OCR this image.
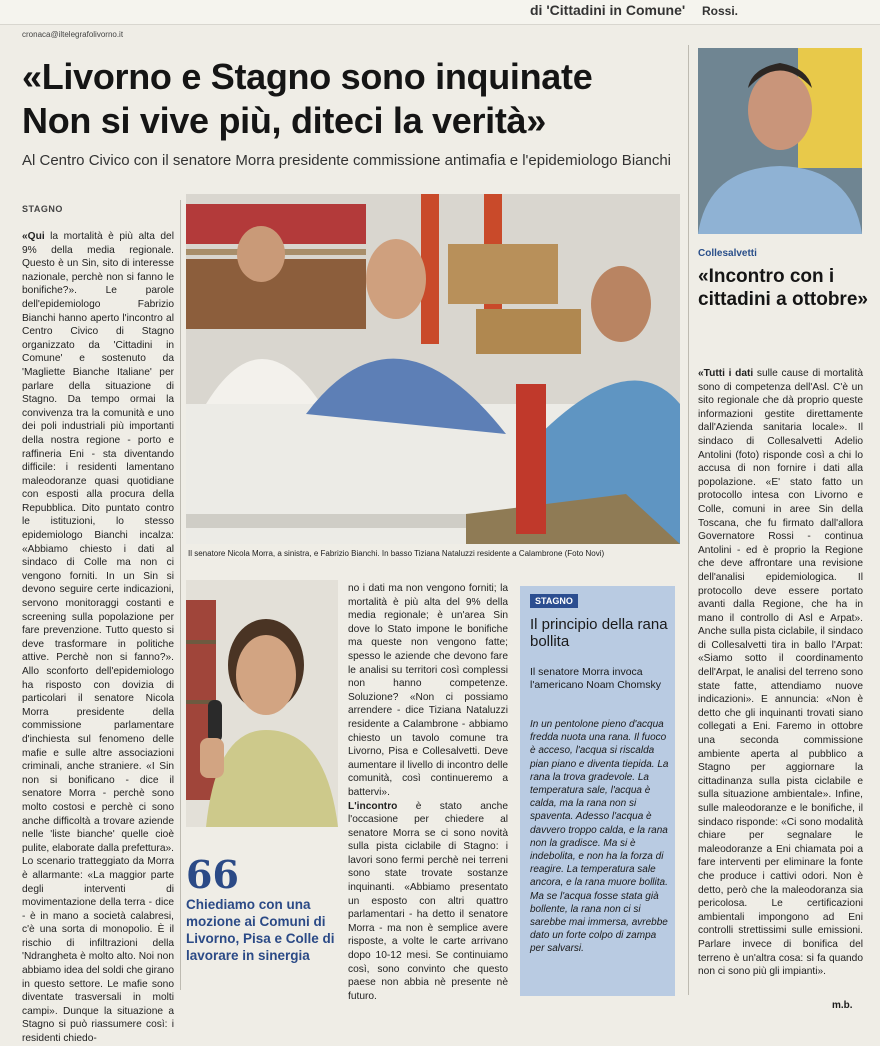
di 'Cittadini in Comune' Rossi.
cronaca@iltelegrafolivorno.it
«Livorno e Stagno sono inquinate
Non si vive più, diteci la verità»
Al Centro Civico con il senatore Morra presidente commissione antimafia e l'epidemiologo Bianchi
STAGNO
«Qui la mortalità è più alta del 9% della media regionale. Questo è un Sin, sito di interesse nazionale, perchè non si fanno le bonifiche?». Le parole dell'epidemiologo Fabrizio Bianchi hanno aperto l'incontro al Centro Civico di Stagno organizzato da 'Cittadini in Comune' e sostenuto da 'Magliette Bianche Italiane' per parlare della situazione di Stagno. Da tempo ormai la convivenza tra la comunità e uno dei poli industriali più importanti della nostra regione - porto e raffineria Eni - sta diventando difficile: i residenti lamentano maleodoranze quasi quotidiane con esposti alla procura della Repubblica. Dito puntato contro le istituzioni, lo stesso epidemiologo Bianchi incalza: «Abbiamo chiesto i dati al sindaco di Colle ma non ci vengono forniti. In un Sin si devono seguire certe indicazioni, servono monitoraggi costanti e screening sulla popolazione per fare prevenzione. Tutto questo si deve trasformare in politiche attive. Perchè non si fanno?». Allo sconforto dell'epidemiologo ha risposto con dovizia di particolari il senatore Nicola Morra presidente della commissione parlamentare d'inchiesta sul fenomeno delle mafie e sulle altre associazioni criminali, anche straniere. «I Sin non si bonificano - dice il senatore Morra - perchè sono molto costosi e perchè ci sono anche difficoltà a trovare aziende nelle 'liste bianche' quelle cioè pulite, elaborate dalla prefettura». Lo scenario tratteggiato da Morra è allarmante: «La maggior parte degli interventi di movimentazione della terra - dice - è in mano a società calabresi, c'è una sorta di monopolio. È il rischio di infiltrazioni della 'Ndrangheta è molto alto. Noi non abbiamo idea del soldi che girano in questo settore. Le mafie sono diventate trasversali in molti campi». Dunque la situazione a Stagno si può riassumere così: i residenti chiedo-
Il senatore Nicola Morra, a sinistra, e Fabrizio Bianchi. In basso Tiziana Nataluzzi residente a Calambrone (Foto Novi)
66
Chiediamo con una mozione ai Comuni di Livorno, Pisa e Colle di lavorare in sinergia
no i dati ma non vengono forniti; la mortalità è più alta del 9% della media regionale; è un'area Sin dove lo Stato impone le bonifiche ma queste non vengono fatte; spesso le aziende che devono fare le analisi su territori così complessi non hanno competenze. Soluzione? «Non ci possiamo arrendere - dice Tiziana Nataluzzi residente a Calambrone - abbiamo chiesto un tavolo comune tra Livorno, Pisa e Collesalvetti. Deve aumentare il livello di incontro delle comunità, così continueremo a battervi».
L'incontro è stato anche l'occasione per chiedere al senatore Morra se ci sono novità sulla pista ciclabile di Stagno: i lavori sono fermi perchè nei terreni sono state trovate sostanze inquinanti. «Abbiamo presentato un esposto con altri quattro parlamentari - ha detto il senatore Morra - ma non è semplice avere risposte, a volte le carte arrivano dopo 10-12 mesi. Se continuiamo così, sono convinto che questo paese non abbia nè presente nè futuro.
STAGNO
Il principio della rana bollita
Il senatore Morra invoca l'americano Noam Chomsky
In un pentolone pieno d'acqua fredda nuota una rana. Il fuoco è acceso, l'acqua si riscalda pian piano e diventa tiepida. La rana la trova gradevole. La temperatura sale, l'acqua è calda, ma la rana non si spaventa. Adesso l'acqua è davvero troppo calda, e la rana non la gradisce. Ma si è indebolita, e non ha la forza di reagire. La temperatura sale ancora, e la rana muore bollita. Ma se l'acqua fosse stata già bollente, la rana non ci si sarebbe mai immersa, avrebbe dato un forte colpo di zampa per salvarsi.
Collesalvetti
«Incontro con i cittadini a ottobre»
«Tutti i dati sulle cause di mortalità sono di competenza dell'Asl. C'è un sito regionale che dà proprio queste informazioni gestite direttamente dall'Azienda sanitaria locale». Il sindaco di Collesalvetti Adelio Antolini (foto) risponde così a chi lo accusa di non fornire i dati alla popolazione. «E' stato fatto un protocollo intesa con Livorno e Colle, comuni in aree Sin della Toscana, che fu firmato dall'allora Governatore Rossi - continua Antolini - ed è proprio la Regione che deve affrontare una revisione dell'analisi epidemiologica. Il protocollo deve essere portato avanti dalla Regione, che ha in mano il controllo di Asl e Arpat». Anche sulla pista ciclabile, il sindaco di Collesalvetti tira in ballo l'Arpat: «Siamo sotto il coordinamento dell'Arpat, le analisi del terreno sono state fatte, attendiamo nuove indicazioni». E annuncia: «Non è detto che gli inquinanti trovati siano collegati a Eni. Faremo in ottobre una seconda commissione ambiente aperta al pubblico a Stagno per aggiornare la cittadinanza sulla pista ciclabile e sulla situazione ambientale». Infine, sulle maleodoranze e le bonifiche, il sindaco risponde: «Ci sono modalità chiare per segnalare le maleodoranze a Eni chiamata poi a fare interventi per eliminare la fonte che produce i cattivi odori. Non è detto, però che la maleodoranza sia pericolosa. Le certificazioni ambientali impongono ad Eni controlli strettissimi sulle emissioni. Parlare invece di bonifica del terreno è un'altra cosa: si fa quando non ci sono più gli impianti».
m.b.
